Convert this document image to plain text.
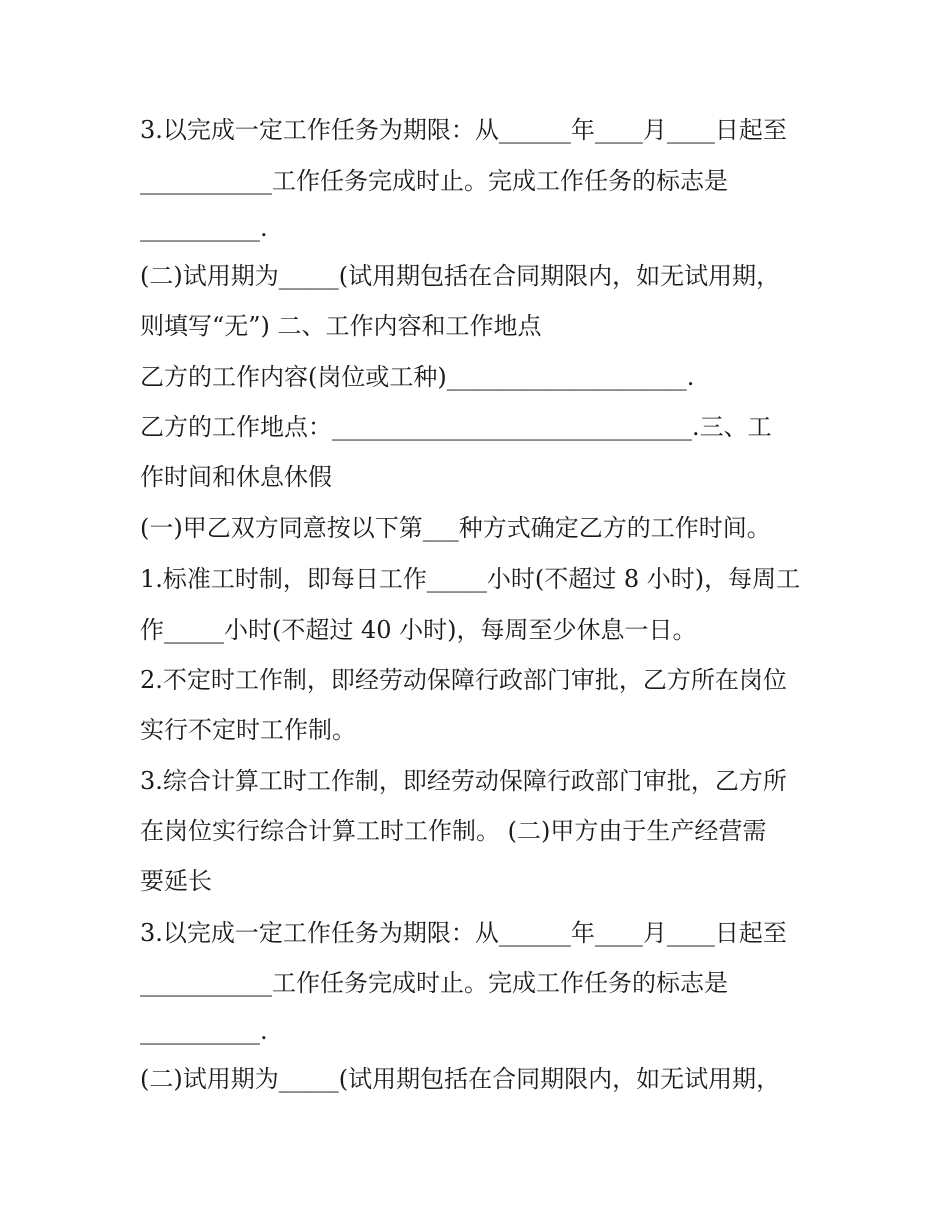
3.以完成一定工作任务为期限：从______年____月____日起至
___________工作任务完成时止。完成工作任务的标志是
__________.
(二)试用期为_____(试用期包括在合同期限内，如无试用期，
则填写“无”) 二、工作内容和工作地点
乙方的工作内容(岗位或工种)____________________.
乙方的工作地点：______________________________.三、工
作时间和休息休假
(一)甲乙双方同意按以下第___种方式确定乙方的工作时间。
1.标准工时制，即每日工作_____小时(不超过 8 小时)，每周工
作_____小时(不超过 40 小时)，每周至少休息一日。
2.不定时工作制，即经劳动保障行政部门审批，乙方所在岗位
实行不定时工作制。
3.综合计算工时工作制，即经劳动保障行政部门审批，乙方所
在岗位实行综合计算工时工作制。 (二)甲方由于生产经营需
要延长
3.以完成一定工作任务为期限：从______年____月____日起至
___________工作任务完成时止。完成工作任务的标志是
__________.
(二)试用期为_____(试用期包括在合同期限内，如无试用期，
